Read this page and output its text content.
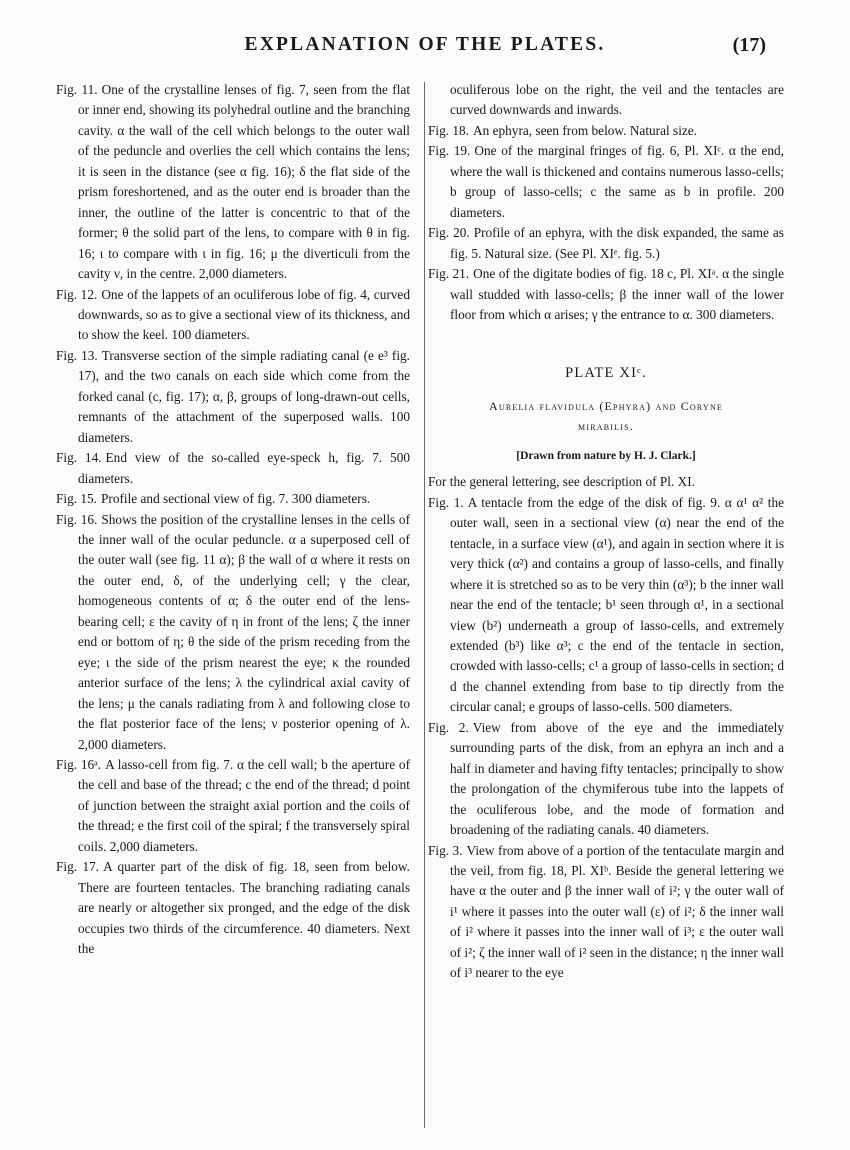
EXPLANATION OF THE PLATES.	(17)

Fig. 11. One of the crystalline lenses of fig. 7, seen from the flat or inner end, showing its polyhedral outline and the branching cavity. α the wall of the cell which belongs to the outer wall of the peduncle and overlies the cell which contains the lens; it is seen in the distance (see α fig. 16); δ the flat side of the prism foreshortened, and as the outer end is broader than the inner, the outline of the latter is concentric to that of the former; θ the solid part of the lens, to compare with θ in fig. 16; ι to compare with ι in fig. 16; μ the diverticuli from the cavity ν, in the centre. 2,000 diameters.

Fig. 12. One of the lappets of an oculiferous lobe of fig. 4, curved downwards, so as to give a sectional view of its thickness, and to show the keel. 100 diameters.

Fig. 13. Transverse section of the simple radiating canal (e e³ fig. 17), and the two canals on each side which come from the forked canal (c, fig. 17); α, β, groups of long-drawn-out cells, remnants of the attachment of the superposed walls. 100 diameters.

Fig. 14. End view of the so-called eye-speck h, fig. 7. 500 diameters.

Fig. 15. Profile and sectional view of fig. 7. 300 diameters.

Fig. 16. Shows the position of the crystalline lenses in the cells of the inner wall of the ocular peduncle. α a superposed cell of the outer wall (see fig. 11 α); β the wall of α where it rests on the outer end, δ, of the underlying cell; γ the clear, homogeneous contents of α; δ the outer end of the lens-bearing cell; ε the cavity of η in front of the lens; ζ the inner end or bottom of η; θ the side of the prism receding from the eye; ι the side of the prism nearest the eye; κ the rounded anterior surface of the lens; λ the cylindrical axial cavity of the lens; μ the canals radiating from λ and following close to the flat posterior face of the lens; ν posterior opening of λ. 2,000 diameters.

Fig. 16ᵃ. A lasso-cell from fig. 7. α the cell wall; b the aperture of the cell and base of the thread; c the end of the thread; d point of junction between the straight axial portion and the coils of the thread; e the first coil of the spiral; f the transversely spiral coils. 2,000 diameters.

Fig. 17. A quarter part of the disk of fig. 18, seen from below. There are fourteen tentacles. The branching radiating canals are nearly or altogether six pronged, and the edge of the disk occupies two thirds of the circumference. 40 diameters. Next the

oculiferous lobe on the right, the veil and the tentacles are curved downwards and inwards.

Fig. 18. An ephyra, seen from below. Natural size.

Fig. 19. One of the marginal fringes of fig. 6, Pl. XIᶜ. α the end, where the wall is thickened and contains numerous lasso-cells; b group of lasso-cells; c the same as b in profile. 200 diameters.

Fig. 20. Profile of an ephyra, with the disk expanded, the same as fig. 5. Natural size. (See Pl. XIᵉ. fig. 5.)

Fig. 21. One of the digitate bodies of fig. 18 c, Pl. XIᵃ. α the single wall studded with lasso-cells; β the inner wall of the lower floor from which α arises; γ the entrance to α. 300 diameters.

PLATE XIᶜ.

Aurelia flavidula (Ephyra) and Coryne

mirabilis.

[Drawn from nature by H. J. Clark.]

For the general lettering, see description of Pl. XI.

Fig. 1. A tentacle from the edge of the disk of fig. 9. α α¹ α² the outer wall, seen in a sectional view (α) near the end of the tentacle, in a surface view (α¹), and again in section where it is very thick (α²) and contains a group of lasso-cells, and finally where it is stretched so as to be very thin (α³); b the inner wall near the end of the tentacle; b¹ seen through α¹, in a sectional view (b²) underneath a group of lasso-cells, and extremely extended (b³) like α³; c the end of the tentacle in section, crowded with lasso-cells; c¹ a group of lasso-cells in section; d d the channel extending from base to tip directly from the circular canal; e groups of lasso-cells. 500 diameters.

Fig. 2. View from above of the eye and the immediately surrounding parts of the disk, from an ephyra an inch and a half in diameter and having fifty tentacles; principally to show the prolongation of the chymiferous tube into the lappets of the oculiferous lobe, and the mode of formation and broadening of the radiating canals. 40 diameters.

Fig. 3. View from above of a portion of the tentaculate margin and the veil, from fig. 18, Pl. XIᵇ. Beside the general lettering we have α the outer and β the inner wall of i²; γ the outer wall of i¹ where it passes into the outer wall (ε) of i²; δ the inner wall of i² where it passes into the inner wall of i³; ε the outer wall of i²; ζ the inner wall of i² seen in the distance; η the inner wall of i³ nearer to the eye
